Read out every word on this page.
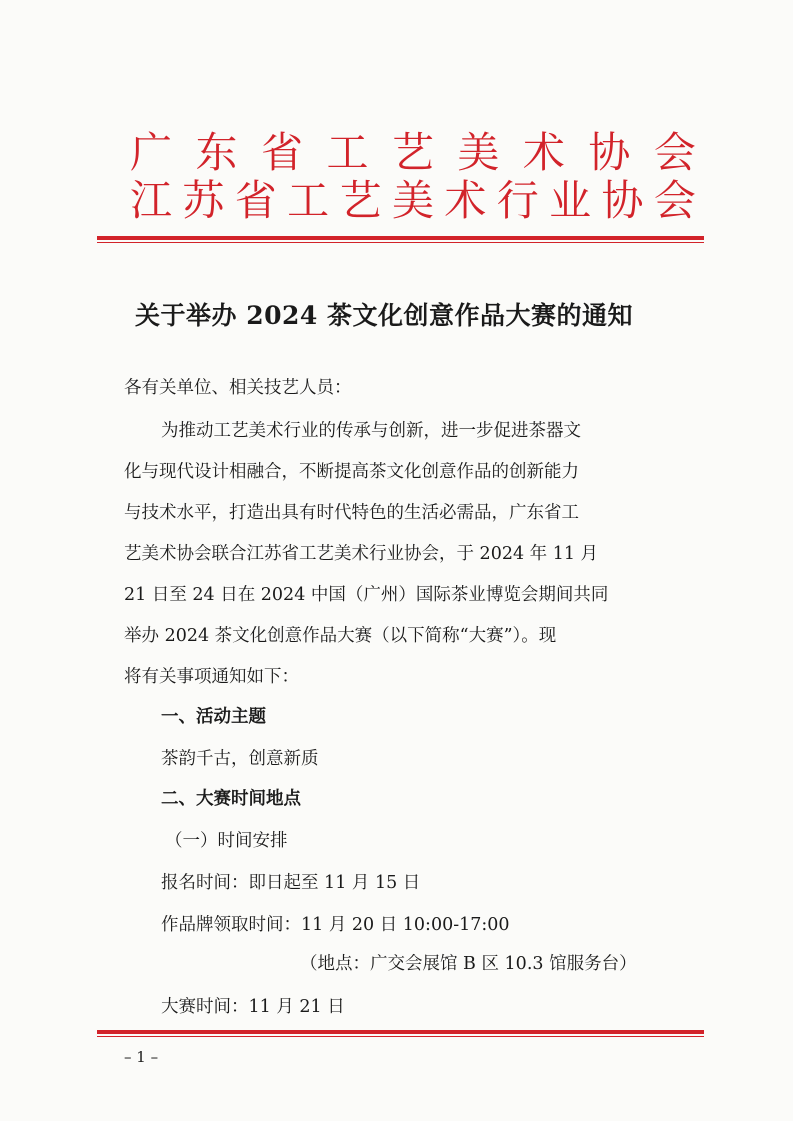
广 东 省 工 艺 美 术 协 会
江 苏 省 工 艺 美 术 行 业 协 会
关于举办 2024 茶文化创意作品大赛的通知
各有关单位、相关技艺人员：
为推动工艺美术行业的传承与创新，进一步促进茶器文
化与现代设计相融合，不断提高茶文化创意作品的创新能力
与技术水平，打造出具有时代特色的生活必需品，广东省工
艺美术协会联合江苏省工艺美术行业协会，于 2024 年 11 月
21 日至 24 日在 2024 中国（广州）国际茶业博览会期间共同
举办 2024 茶文化创意作品大赛（以下简称“大赛”）。现
将有关事项通知如下：
一、活动主题
茶韵千古，创意新质
二、大赛时间地点
（一）时间安排
报名时间：即日起至 11 月 15 日
作品牌领取时间：11 月 20 日 10:00-17:00
（地点：广交会展馆 B 区 10.3 馆服务台）
大赛时间：11 月 21 日
– 1 –
